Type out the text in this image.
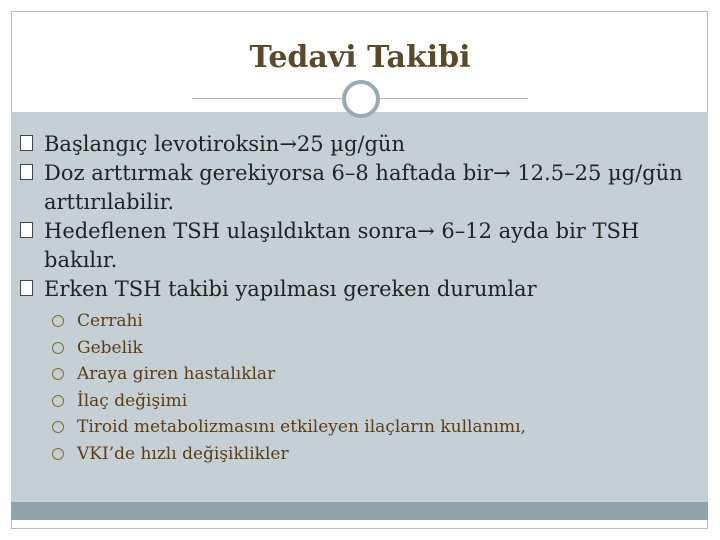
Tedavi Takibi

Başlangıç levotiroksin→25 µg/gün

Doz arttırmak gerekiyorsa 6–8 haftada bir→ 12.5–25 µg/gün arttırılabilir.

Hedeflenen TSH ulaşıldıktan sonra→ 6–12 ayda bir TSH bakılır.

Erken TSH takibi yapılması gereken durumlar

Cerrahi
Gebelik
Araya giren hastalıklar
İlaç değişimi
Tiroid metabolizmasını etkileyen ilaçların kullanımı,
VKI’de hızlı değişiklikler
